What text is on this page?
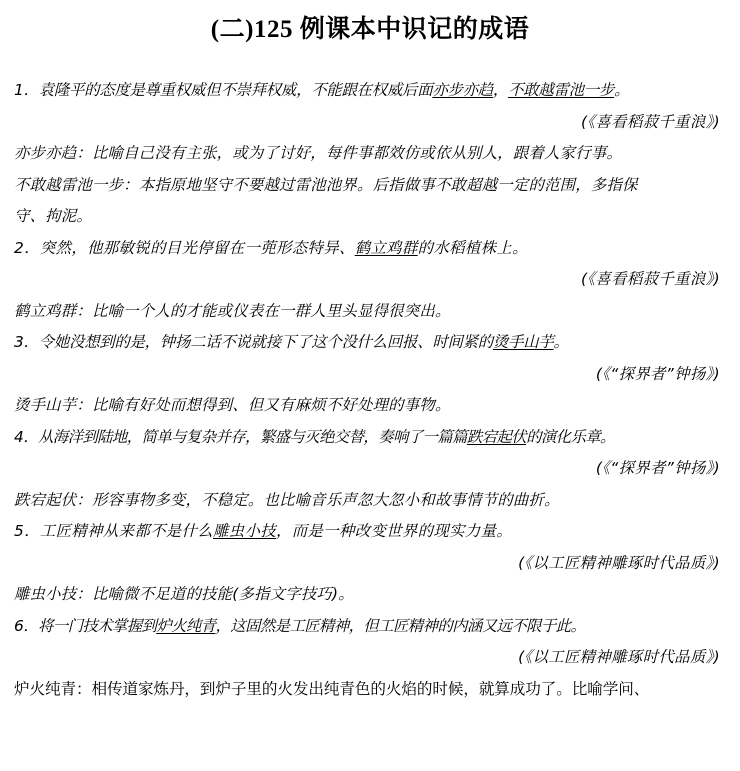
(二)125 例课本中识记的成语
1．袁隆平的态度是尊重权威但不崇拜权威，不能跟在权威后面亦步亦趋，不敢越雷池一步。
(《喜看稻菽千重浪》)
亦步亦趋：比喻自己没有主张，或为了讨好，每件事都效仿或依从别人，跟着人家行事。
不敢越雷池一步：本指原地坚守不要越过雷池池界。后指做事不敢超越一定的范围，多指保
守、拘泥。
2．突然，他那敏锐的目光停留在一蔸形态特异、鹤立鸡群的水稻植株上。
(《喜看稻菽千重浪》)
鹤立鸡群：比喻一个人的才能或仪表在一群人里头显得很突出。
3．令她没想到的是，钟扬二话不说就接下了这个没什么回报、时间紧的烫手山芋。
(《“探界者”钟扬》)
烫手山芋：比喻有好处而想得到、但又有麻烦不好处理的事物。
4．从海洋到陆地，简单与复杂并存，繁盛与灭绝交替，奏响了一篇篇跌宕起伏的演化乐章。
(《“探界者”钟扬》)
跌宕起伏：形容事物多变，不稳定。也比喻音乐声忽大忽小和故事情节的曲折。
5．工匠精神从来都不是什么雕虫小技，而是一种改变世界的现实力量。
(《以工匠精神雕琢时代品质》)
雕虫小技：比喻微不足道的技能(多指文字技巧)。
6．将一门技术掌握到炉火纯青，这固然是工匠精神，但工匠精神的内涵又远不限于此。
(《以工匠精神雕琢时代品质》)
炉火纯青：相传道家炼丹，到炉子里的火发出纯青色的火焰的时候，就算成功了。比喻学问、
